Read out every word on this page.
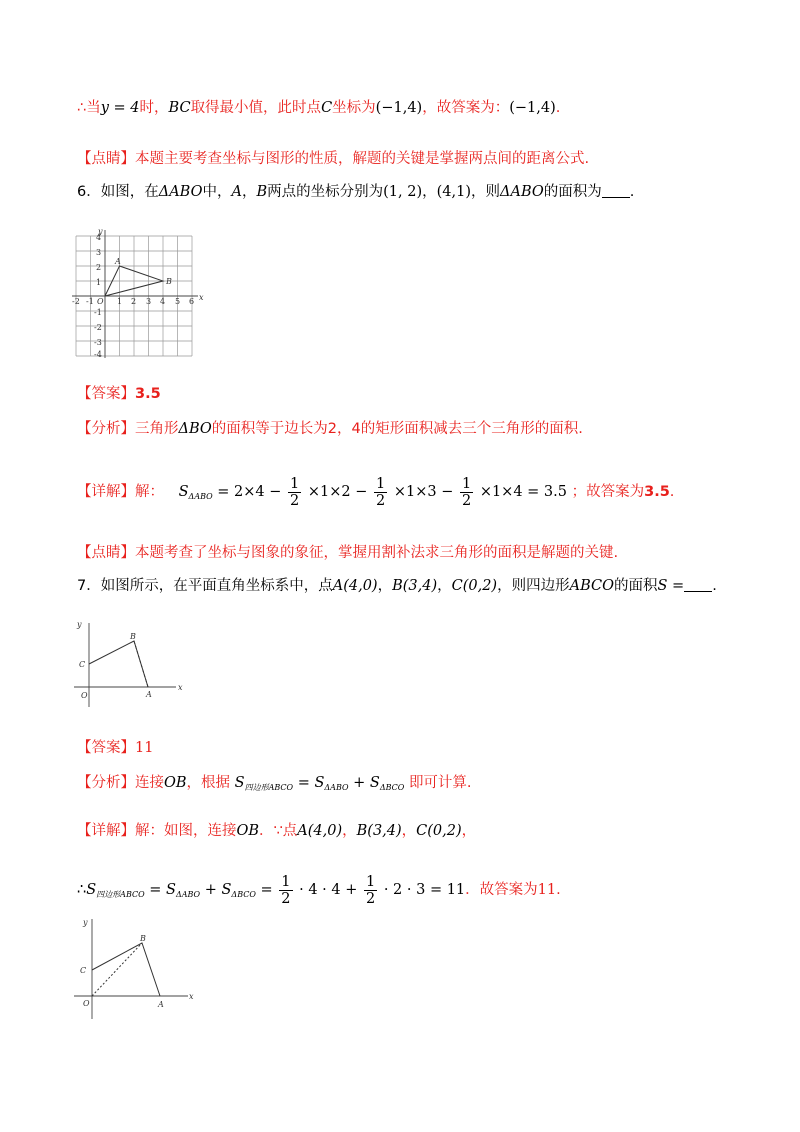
∴当y = 4时，BC取得最小值，此时点C坐标为(−1,4)，故答案为：(−1,4).
【点睛】本题主要考查坐标与图形的性质，解题的关键是掌握两点间的距离公式.
6．如图，在ΔABO中，A，B两点的坐标分别为(1, 2)，(4,1)，则ΔABO的面积为 .
-2 -1 O 1 2 3 4 5 6 x
y
4
3
2
1
-1
-2
-3
-4
A
B
【答案】3.5
【分析】三角形ΔBO的面积等于边长为2，4的矩形面积减去三个三角形的面积.
【详解】解： $S_{\Delta ABO} = 2\times 4 - \frac{1}{2} \times 1\times 2 - \frac{1}{2} \times 1\times 3 - \frac{1}{2} \times 1\times 4 = 3.5$ ；故答案为3.5.
【点睛】本题考查了坐标与图象的象征，掌握用割补法求三角形的面积是解题的关键.
7．如图所示，在平面直角坐标系中，点A(4,0)，B(3,4)，C(0,2)，则四边形ABCO的面积S = .
x
y
O	A
B
C
【答案】11
【分析】连接OB，根据 $S_{四边形ABCO} = S_{\Delta ABO} + S_{\Delta BCO}$ 即可计算.
【详解】解：如图，连接OB．∵点A(4,0)，B(3,4)，C(0,2)，
$\therefore S_{四边形ABCO} = S_{\Delta ABO} + S_{\Delta BCO} = \frac{1}{2} \cdot 4 \cdot 4 + \frac{1}{2} \cdot 2 \cdot 3 = 11$．故答案为11.
x
y
O	A
B
C
